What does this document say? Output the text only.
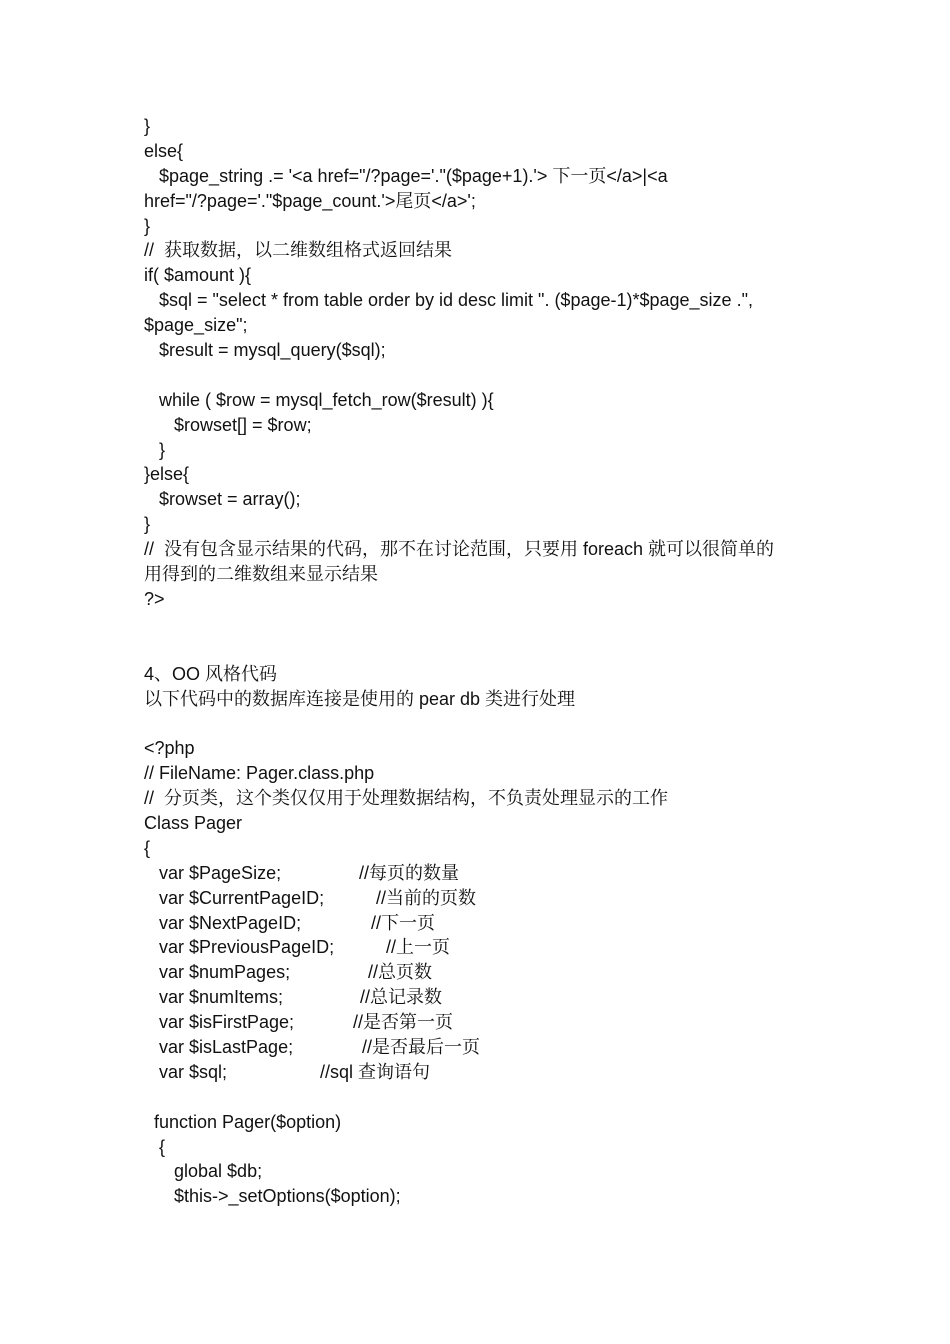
}
else{
$page_string .= '<a href="/?page='."($page+1).'> 下一页</a>|<a
href="/?page='."$page_count.'>尾页</a>';
}
//  获取数据，以二维数组格式返回结果
if( $amount ){
$sql = "select * from table order by id desc limit ". ($page-1)*$page_size .",
$page_size";
$result = mysql_query($sql);
while ( $row = mysql_fetch_row($result) ){
$rowset[] = $row;
}
}else{
$rowset = array();
}
//  没有包含显示结果的代码，那不在讨论范围，只要用 foreach 就可以很简单的
用得到的二维数组来显示结果
?>
4、OO 风格代码
以下代码中的数据库连接是使用的 pear db 类进行处理
<?php
// FileName: Pager.class.php
//  分页类，这个类仅仅用于处理数据结构，不负责处理显示的工作
Class Pager
{
var $PageSize;	//每页的数量
var $CurrentPageID;	//当前的页数
var $NextPageID;	//下一页
var $PreviousPageID;	//上一页
var $numPages;	//总页数
var $numItems;	//总记录数
var $isFirstPage;	//是否第一页
var $isLastPage;	//是否最后一页
var $sql;	//sql 查询语句
function Pager($option)
{
global $db;
$this->_setOptions($option);
